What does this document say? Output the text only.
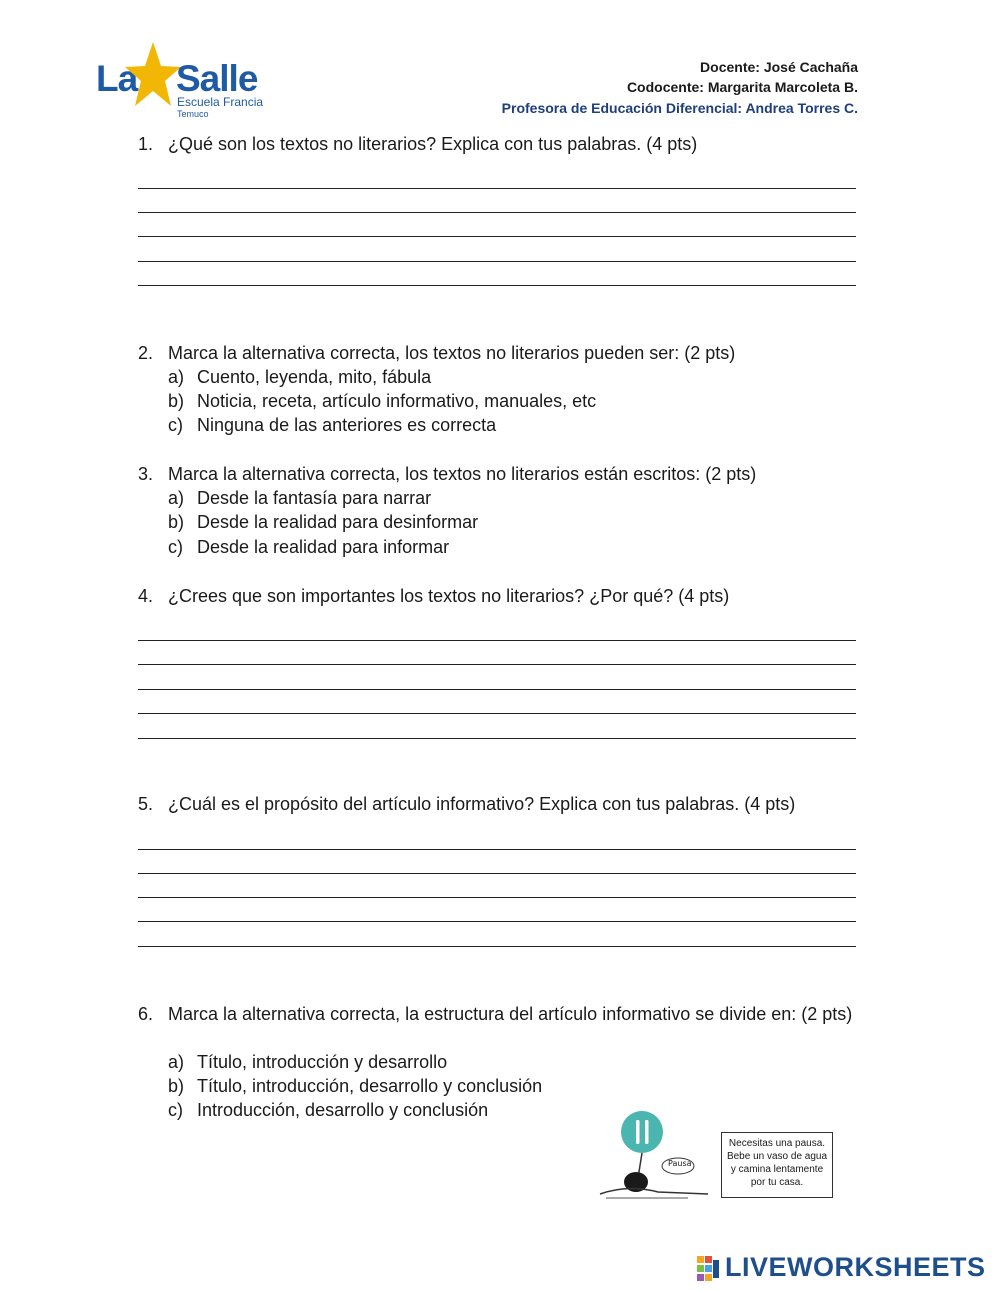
La Salle
Escuela Francia
Temuco
Docente: José Cachaña
Codocente: Margarita Marcoleta B.
Profesora de Educación Diferencial: Andrea Torres C.
1. ¿Qué son los textos no literarios? Explica con tus palabras. (4 pts)
2. Marca la alternativa correcta, los textos no literarios pueden ser: (2 pts)
a) Cuento, leyenda, mito, fábula
b) Noticia, receta, artículo informativo, manuales, etc
c) Ninguna de las anteriores es correcta
3. Marca la alternativa correcta, los textos no literarios están escritos: (2 pts)
a) Desde la fantasía para narrar
b) Desde la realidad para desinformar
c) Desde la realidad para informar
4. ¿Crees que son importantes los textos no literarios? ¿Por qué? (4 pts)
5. ¿Cuál es el propósito del artículo informativo? Explica con tus palabras. (4 pts)
6. Marca la alternativa correcta, la estructura del artículo informativo se divide en: (2 pts)
a) Título, introducción y desarrollo
b) Título, introducción, desarrollo y conclusión
c) Introducción, desarrollo y conclusión
Pausa
Necesitas una pausa.
Bebe un vaso de agua
y camina lentamente
por tu casa.
LIVEWORKSHEETS
